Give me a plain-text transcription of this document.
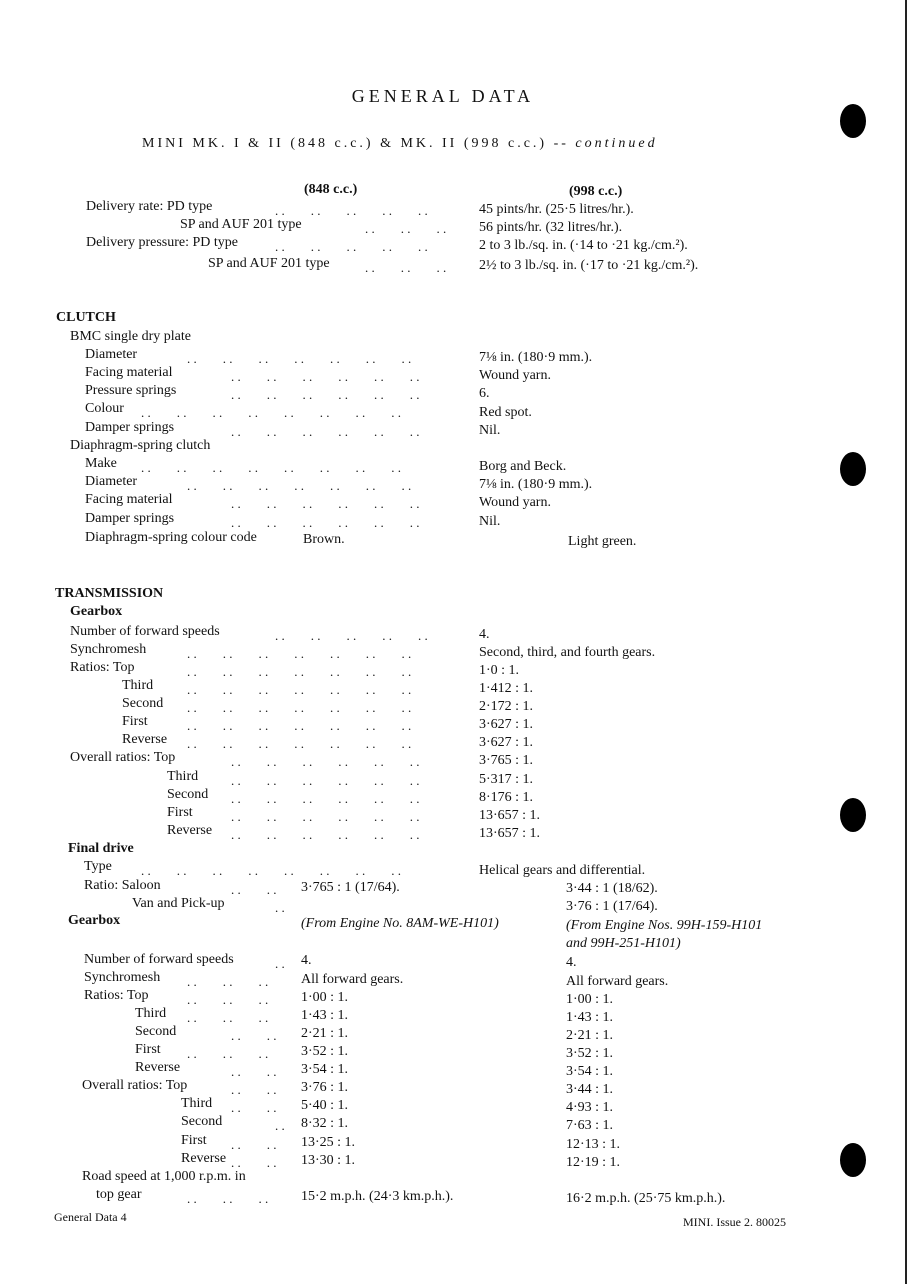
GENERAL DATA
MINI MK. I & II (848 c.c.) & MK. II (998 c.c.) -- continued
(848 c.c.)	(998 c.c.)
Delivery rate: PD type	. .        . .        . .        . .        . .	45 pints/hr. (25·5 litres/hr.).
SP and AUF 201 type	. .        . .        . . 56 pints/hr. (32 litres/hr.).
Delivery pressure: PD type	. .        . .        . .        . .        . .	2 to 3 lb./sq. in. (·14 to ·21 kg./cm.²).
SP and AUF 201 type	. .        . .        . . 2½ to 3 lb./sq. in. (·17 to ·21 kg./cm.²).
CLUTCH
BMC single dry plate
Diameter	. .        . .        . .        . .        . .        . .        . .	7⅛ in. (180·9 mm.).
Facing material	. .        . .        . .        . .        . .        . .	Wound yarn.
Pressure springs	. .        . .        . .        . .        . .        . .	6.
Colour . .        . .        . .        . .        . .        . .        . .        . .	Red spot.
Damper springs	. .        . .        . .        . .        . .        . .	Nil.
Diaphragm-spring clutch
Make . .        . .        . .        . .        . .        . .        . .        . .	Borg and Beck.
Diameter	. .        . .        . .        . .        . .        . .        . .	7⅛ in. (180·9 mm.).
Facing material	. .        . .        . .        . .        . .        . .	Wound yarn.
Damper springs	. .        . .        . .        . .        . .        . .	Nil.
Diaphragm-spring colour code	Brown.	Light green.
TRANSMISSION
Gearbox
Number of forward speeds	. .        . .        . .        . .        . .	4.
Synchromesh	. .        . .        . .        . .        . .        . .        . .	Second, third, and fourth gears.
Ratios: Top	. .        . .        . .        . .        . .        . .        . .	1·0 : 1.
Third	. .        . .        . .        . .        . .        . .        . .	1·412 : 1.
Second . .        . .        . .        . .        . .        . .        . .	2·172 : 1.
First	. .        . .        . .        . .        . .        . .        . .	3·627 : 1.
Reverse . .        . .        . .        . .        . .        . .        . .	3·627 : 1.
Overall ratios: Top	. .        . .        . .        . .        . .        . .	3·765 : 1.
Third	. .        . .        . .        . .        . .        . .	5·317 : 1.
Second . .        . .        . .        . .        . .        . .	8·176 : 1.
First	. .        . .        . .        . .        . .        . .	13·657 : 1.
Reverse . .        . .        . .        . .        . .        . .	13·657 : 1.
Final drive
Type . .        . .        . .        . .        . .        . .        . .        . .	Helical gears and differential.
Ratio: Saloon	. .        . . 3·765 : 1 (17/64).	3·44 : 1 (18/62).
Van and Pick-up	. .	3·76 : 1 (17/64).
Gearbox	(From Engine No. 8AM-WE-H101)	(From Engine Nos. 99H-159-H101
and 99H-251-H101)
Number of forward speeds	. . 4.	4.
Synchromesh . .        . .        . . All forward gears.	All forward gears.
Ratios: Top	. .        . .        . . 1·00 : 1.	1·00 : 1.
Third . .        . .        . . 1·43 : 1.	1·43 : 1.
Second	. .        . . 2·21 : 1.	2·21 : 1.
First . .        . .        . . 3·52 : 1.	3·52 : 1.
Reverse	. .        . . 3·54 : 1.	3·54 : 1.
Overall ratios: Top	. .        . . 3·76 : 1.	3·44 : 1.
Third . .        . . 5·40 : 1.	4·93 : 1.
Second	. . 8·32 : 1.	7·63 : 1.
First . .        . . 13·25 : 1.	12·13 : 1.
Reverse . .        . . 13·30 : 1.	12·19 : 1.
Road speed at 1,000 r.p.m. in
top gear	. .        . .        . . 15·2 m.p.h. (24·3 km.p.h.).	16·2 m.p.h. (25·75 km.p.h.).
General Data 4	MINI. Issue 2. 80025
